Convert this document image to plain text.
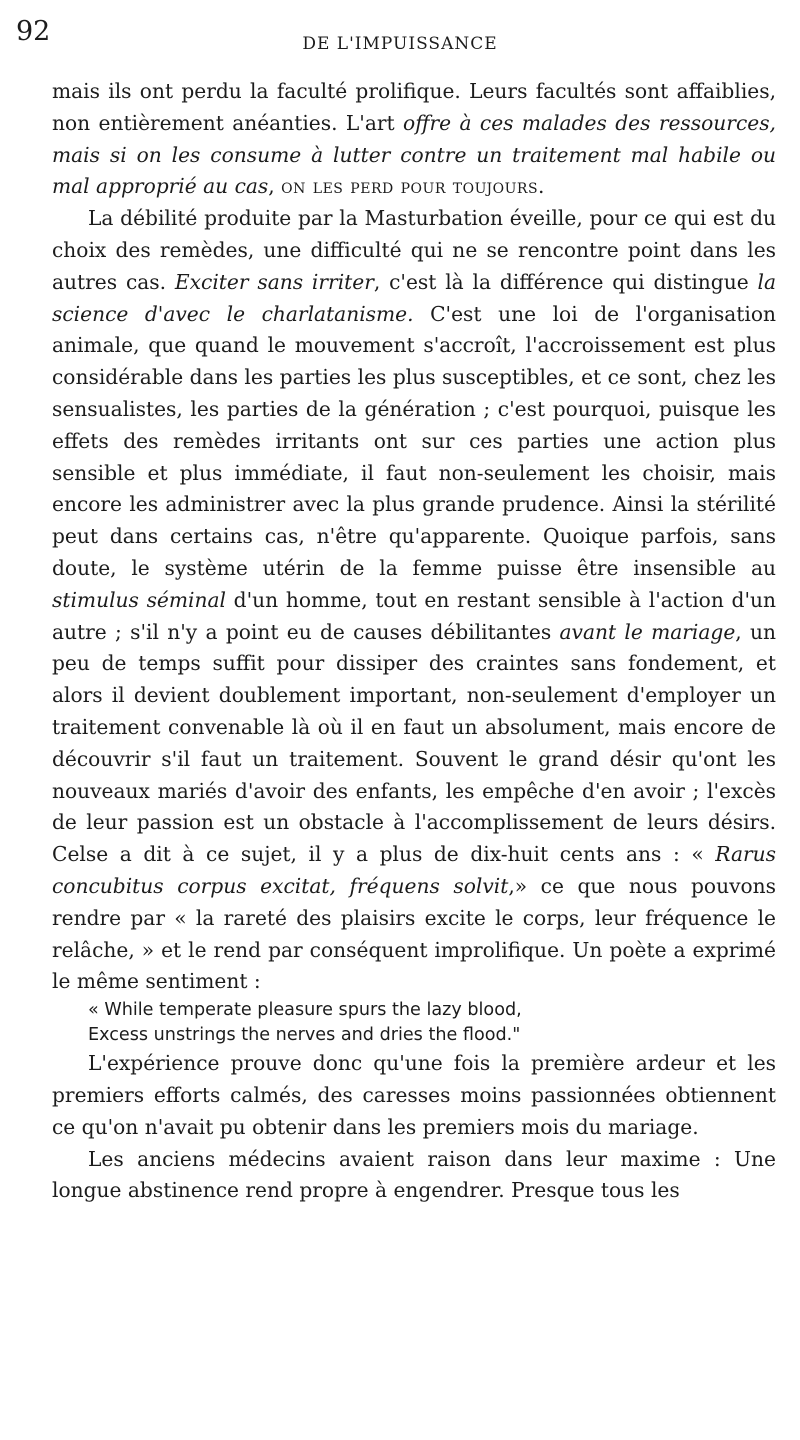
92	DE L'IMPUISSANCE

mais ils ont perdu la faculté prolifique. Leurs facultés sont affaiblies, non entièrement anéanties. L'art offre à ces malades des ressources, mais si on les consume à lutter contre un traitement mal habile ou mal approprié au cas, on les perd pour toujours.

La débilité produite par la Masturbation éveille, pour ce qui est du choix des remèdes, une difficulté qui ne se rencontre point dans les autres cas. Exciter sans irriter, c'est là la différence qui distingue la science d'avec le charlatanisme. C'est une loi de l'organisation animale, que quand le mouvement s'accroît, l'accroissement est plus considérable dans les parties les plus susceptibles, et ce sont, chez les sensualistes, les parties de la génération ; c'est pourquoi, puisque les effets des remèdes irritants ont sur ces parties une action plus sensible et plus immédiate, il faut non-seulement les choisir, mais encore les administrer avec la plus grande prudence. Ainsi la stérilité peut dans certains cas, n'être qu'apparente. Quoique parfois, sans doute, le système utérin de la femme puisse être insensible au stimulus séminal d'un homme, tout en restant sensible à l'action d'un autre ; s'il n'y a point eu de causes débilitantes avant le mariage, un peu de temps suffit pour dissiper des craintes sans fondement, et alors il devient doublement important, non-seulement d'employer un traitement convenable là où il en faut un absolument, mais encore de découvrir s'il faut un traitement. Souvent le grand désir qu'ont les nouveaux mariés d'avoir des enfants, les empêche d'en avoir ; l'excès de leur passion est un obstacle à l'accomplissement de leurs désirs. Celse a dit à ce sujet, il y a plus de dix-huit cents ans : « Rarus concubitus corpus excitat, fréquens solvit,» ce que nous pouvons rendre par « la rareté des plaisirs excite le corps, leur fréquence le relâche, » et le rend par conséquent improlifique. Un poète a exprimé le même sentiment :

« While temperate pleasure spurs the lazy blood,
Excess unstrings the nerves and dries the flood."

L'expérience prouve donc qu'une fois la première ardeur et les premiers efforts calmés, des caresses moins passionnées obtiennent ce qu'on n'avait pu obtenir dans les premiers mois du mariage.

Les anciens médecins avaient raison dans leur maxime : Une longue abstinence rend propre à engendrer. Presque tous les
